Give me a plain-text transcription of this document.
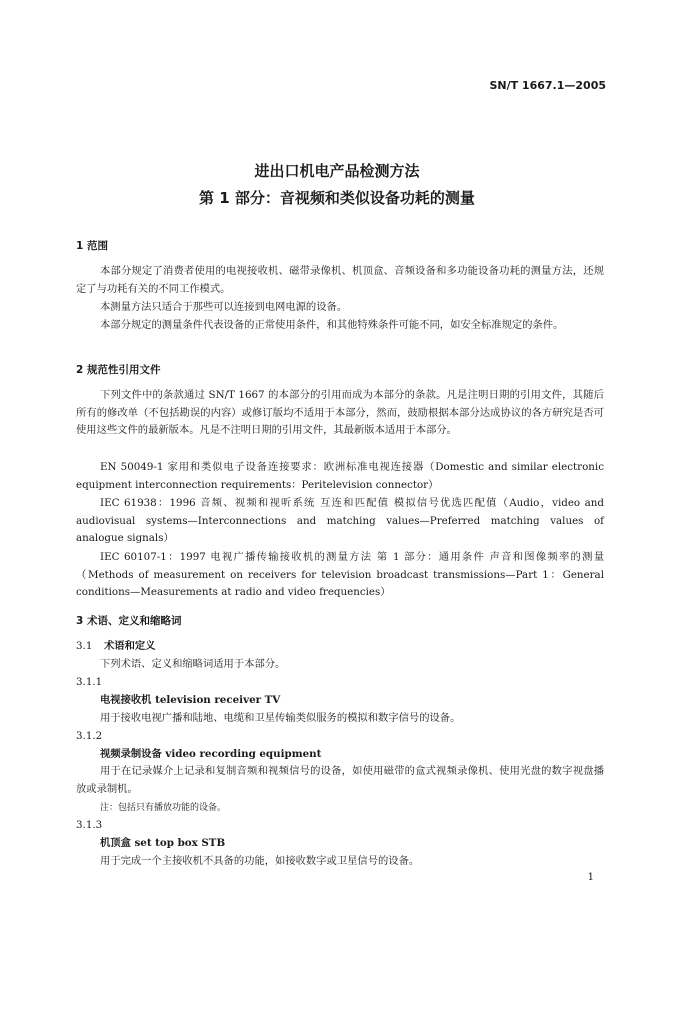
SN/T 1667.1—2005
进出口机电产品检测方法
第 1 部分：音视频和类似设备功耗的测量
1 范围
本部分规定了消费者使用的电视接收机、磁带录像机、机顶盒、音频设备和多功能设备功耗的测量方法，还规定了与功耗有关的不同工作模式。
本测量方法只适合于那些可以连接到电网电源的设备。
本部分规定的测量条件代表设备的正常使用条件，和其他特殊条件可能不同，如安全标准规定的条件。
2 规范性引用文件
下列文件中的条款通过 SN/T 1667 的本部分的引用而成为本部分的条款。凡是注明日期的引用文件，其随后所有的修改单（不包括勘误的内容）或修订版均不适用于本部分，然而，鼓励根据本部分达成协议的各方研究是否可使用这些文件的最新版本。凡是不注明日期的引用文件，其最新版本适用于本部分。
EN 50049-1 家用和类似电子设备连接要求：欧洲标准电视连接器（Domestic and similar electronic equipment interconnection requirements：Peritelevision connector）
IEC 61938：1996 音频、视频和视听系统 互连和匹配值 模拟信号优选匹配值（Audio，video and audiovisual systems—Interconnections and matching values—Preferred matching values of analogue signals）
IEC 60107-1：1997 电视广播传输接收机的测量方法 第 1 部分：通用条件 声音和图像频率的测量（Methods of measurement on receivers for television broadcast transmissions—Part 1：General conditions—Measurements at radio and video frequencies）
3 术语、定义和缩略词
3.1 术语和定义
下列术语、定义和缩略词适用于本部分。
3.1.1
电视接收机 television receiver TV
用于接收电视广播和陆地、电缆和卫星传输类似服务的模拟和数字信号的设备。
3.1.2
视频录制设备 video recording equipment
用于在记录媒介上记录和复制音频和视频信号的设备，如使用磁带的盒式视频录像机、使用光盘的数字视盘播放或录制机。
注：包括只有播放功能的设备。
3.1.3
机顶盒 set top box STB
用于完成一个主接收机不具备的功能，如接收数字或卫星信号的设备。
1
